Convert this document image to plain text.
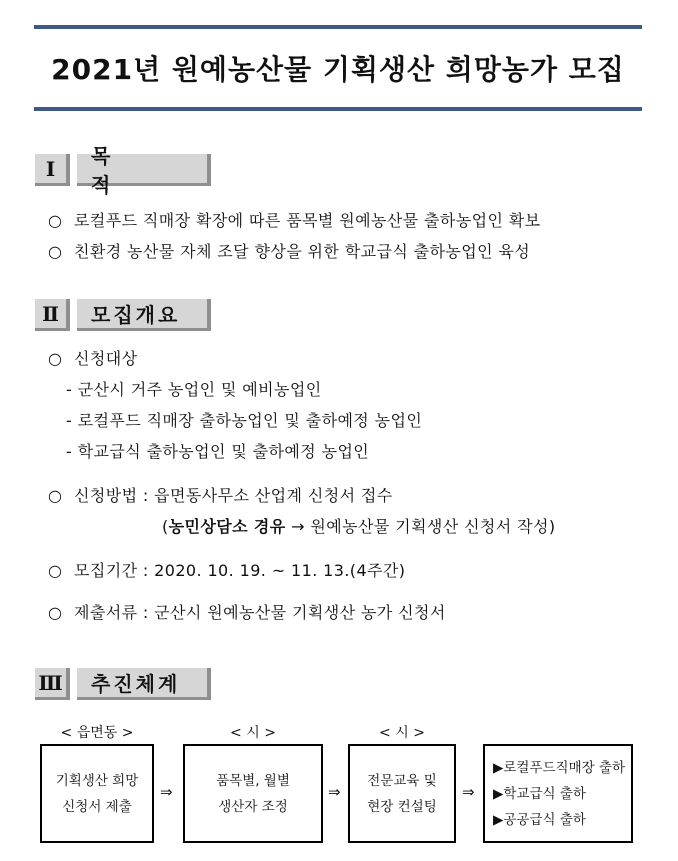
2021년 원예농산물 기획생산 희망농가 모집
Ⅰ
목적
○ 로컬푸드 직매장 확장에 따른 품목별 원예농산물 출하농업인 확보
○ 친환경 농산물 자체 조달 향상을 위한 학교급식 출하농업인 육성
Ⅱ	모집개요
○ 신청대상
- 군산시 거주 농업인 및 예비농업인
- 로컬푸드 직매장 출하농업인 및 출하예정 농업인
- 학교급식 출하농업인 및 출하예정 농업인
○ 신청방법 : 읍면동사무소 산업계 신청서 접수
(농민상담소 경유 → 원예농산물 기획생산 신청서 작성)
○ 모집기간 : 2020. 10. 19. ~ 11. 13.(4주간)
○ 제출서류 : 군산시 원예농산물 기획생산 농가 신청서
Ⅲ	추진체계
< 읍면동 >	< 시 >	< 시 >
기획생산 희망
신청서 제출
⇒
품목별, 월별
생산자 조정
⇒
전문교육 및
현장 컨설팅
⇒
▶로컬푸드직매장 출하
▶학교급식 출하
▶공공급식 출하
